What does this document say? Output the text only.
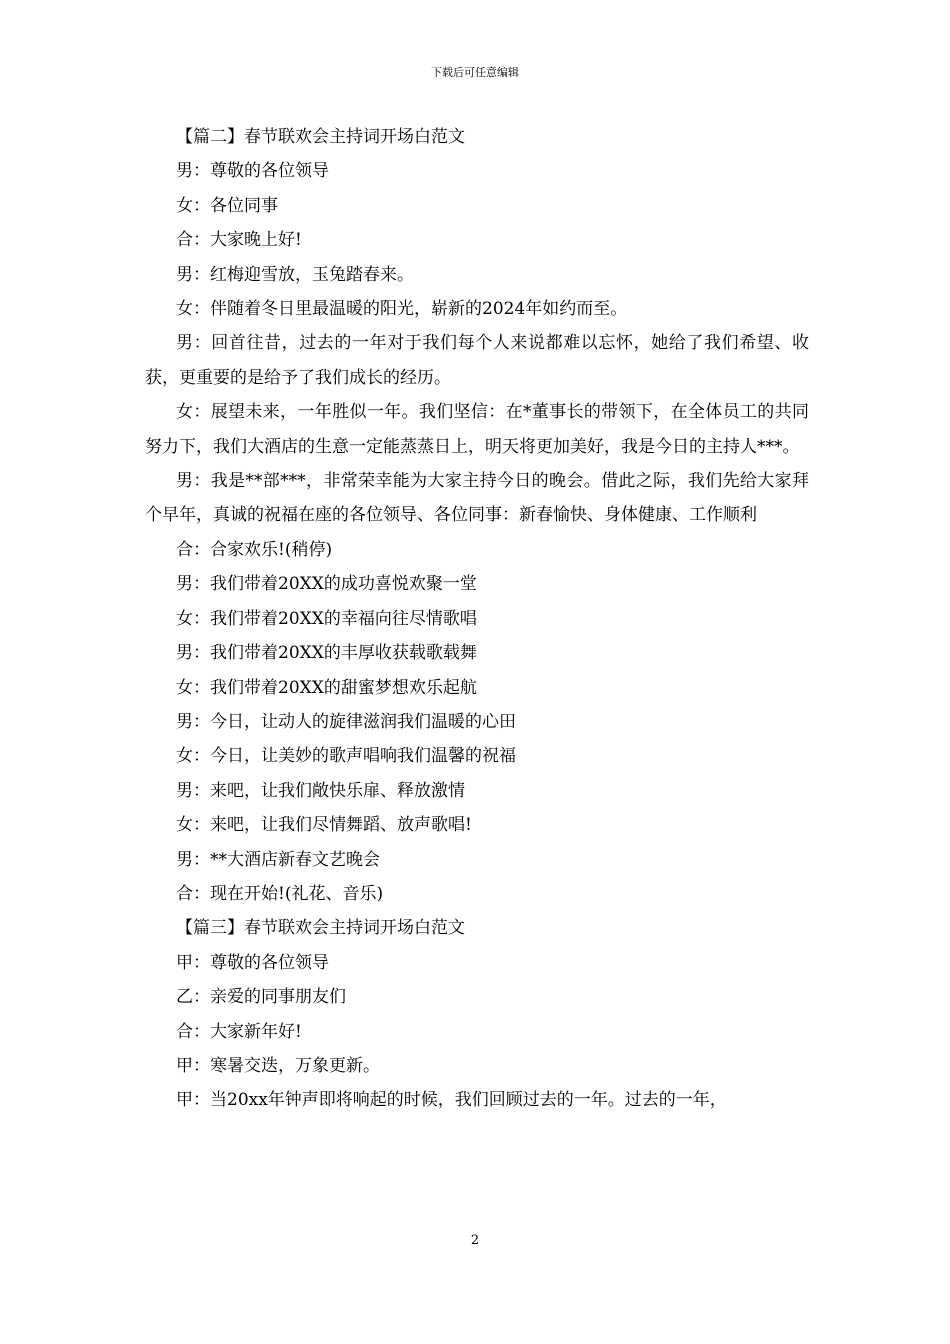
下载后可任意编辑

【篇二】春节联欢会主持词开场白范文

男：尊敬的各位领导

女：各位同事

合：大家晚上好!

男：红梅迎雪放，玉兔踏春来。

女：伴随着冬日里最温暖的阳光，崭新的2024年如约而至。

男：回首往昔，过去的一年对于我们每个人来说都难以忘怀，她给了我们希望、收获，更重要的是给予了我们成长的经历。

女：展望未来，一年胜似一年。我们坚信：在*董事长的带领下，在全体员工的共同努力下，我们大酒店的生意一定能蒸蒸日上，明天将更加美好，我是今日的主持人***。

男：我是**部***，非常荣幸能为大家主持今日的晚会。借此之际，我们先给大家拜个早年，真诚的祝福在座的各位领导、各位同事：新春愉快、身体健康、工作顺利

合：合家欢乐!(稍停)

男：我们带着20XX的成功喜悦欢聚一堂

女：我们带着20XX的幸福向往尽情歌唱

男：我们带着20XX的丰厚收获载歌载舞

女：我们带着20XX的甜蜜梦想欢乐起航

男：今日，让动人的旋律滋润我们温暖的心田

女：今日，让美妙的歌声唱响我们温馨的祝福

男：来吧，让我们敞快乐扉、释放激情

女：来吧，让我们尽情舞蹈、放声歌唱!

男：**大酒店新春文艺晚会

合：现在开始!(礼花、音乐)

【篇三】春节联欢会主持词开场白范文

甲：尊敬的各位领导

乙：亲爱的同事朋友们

合：大家新年好!

甲：寒暑交迭，万象更新。

甲：当20xx年钟声即将响起的时候，我们回顾过去的一年。过去的一年，

2
